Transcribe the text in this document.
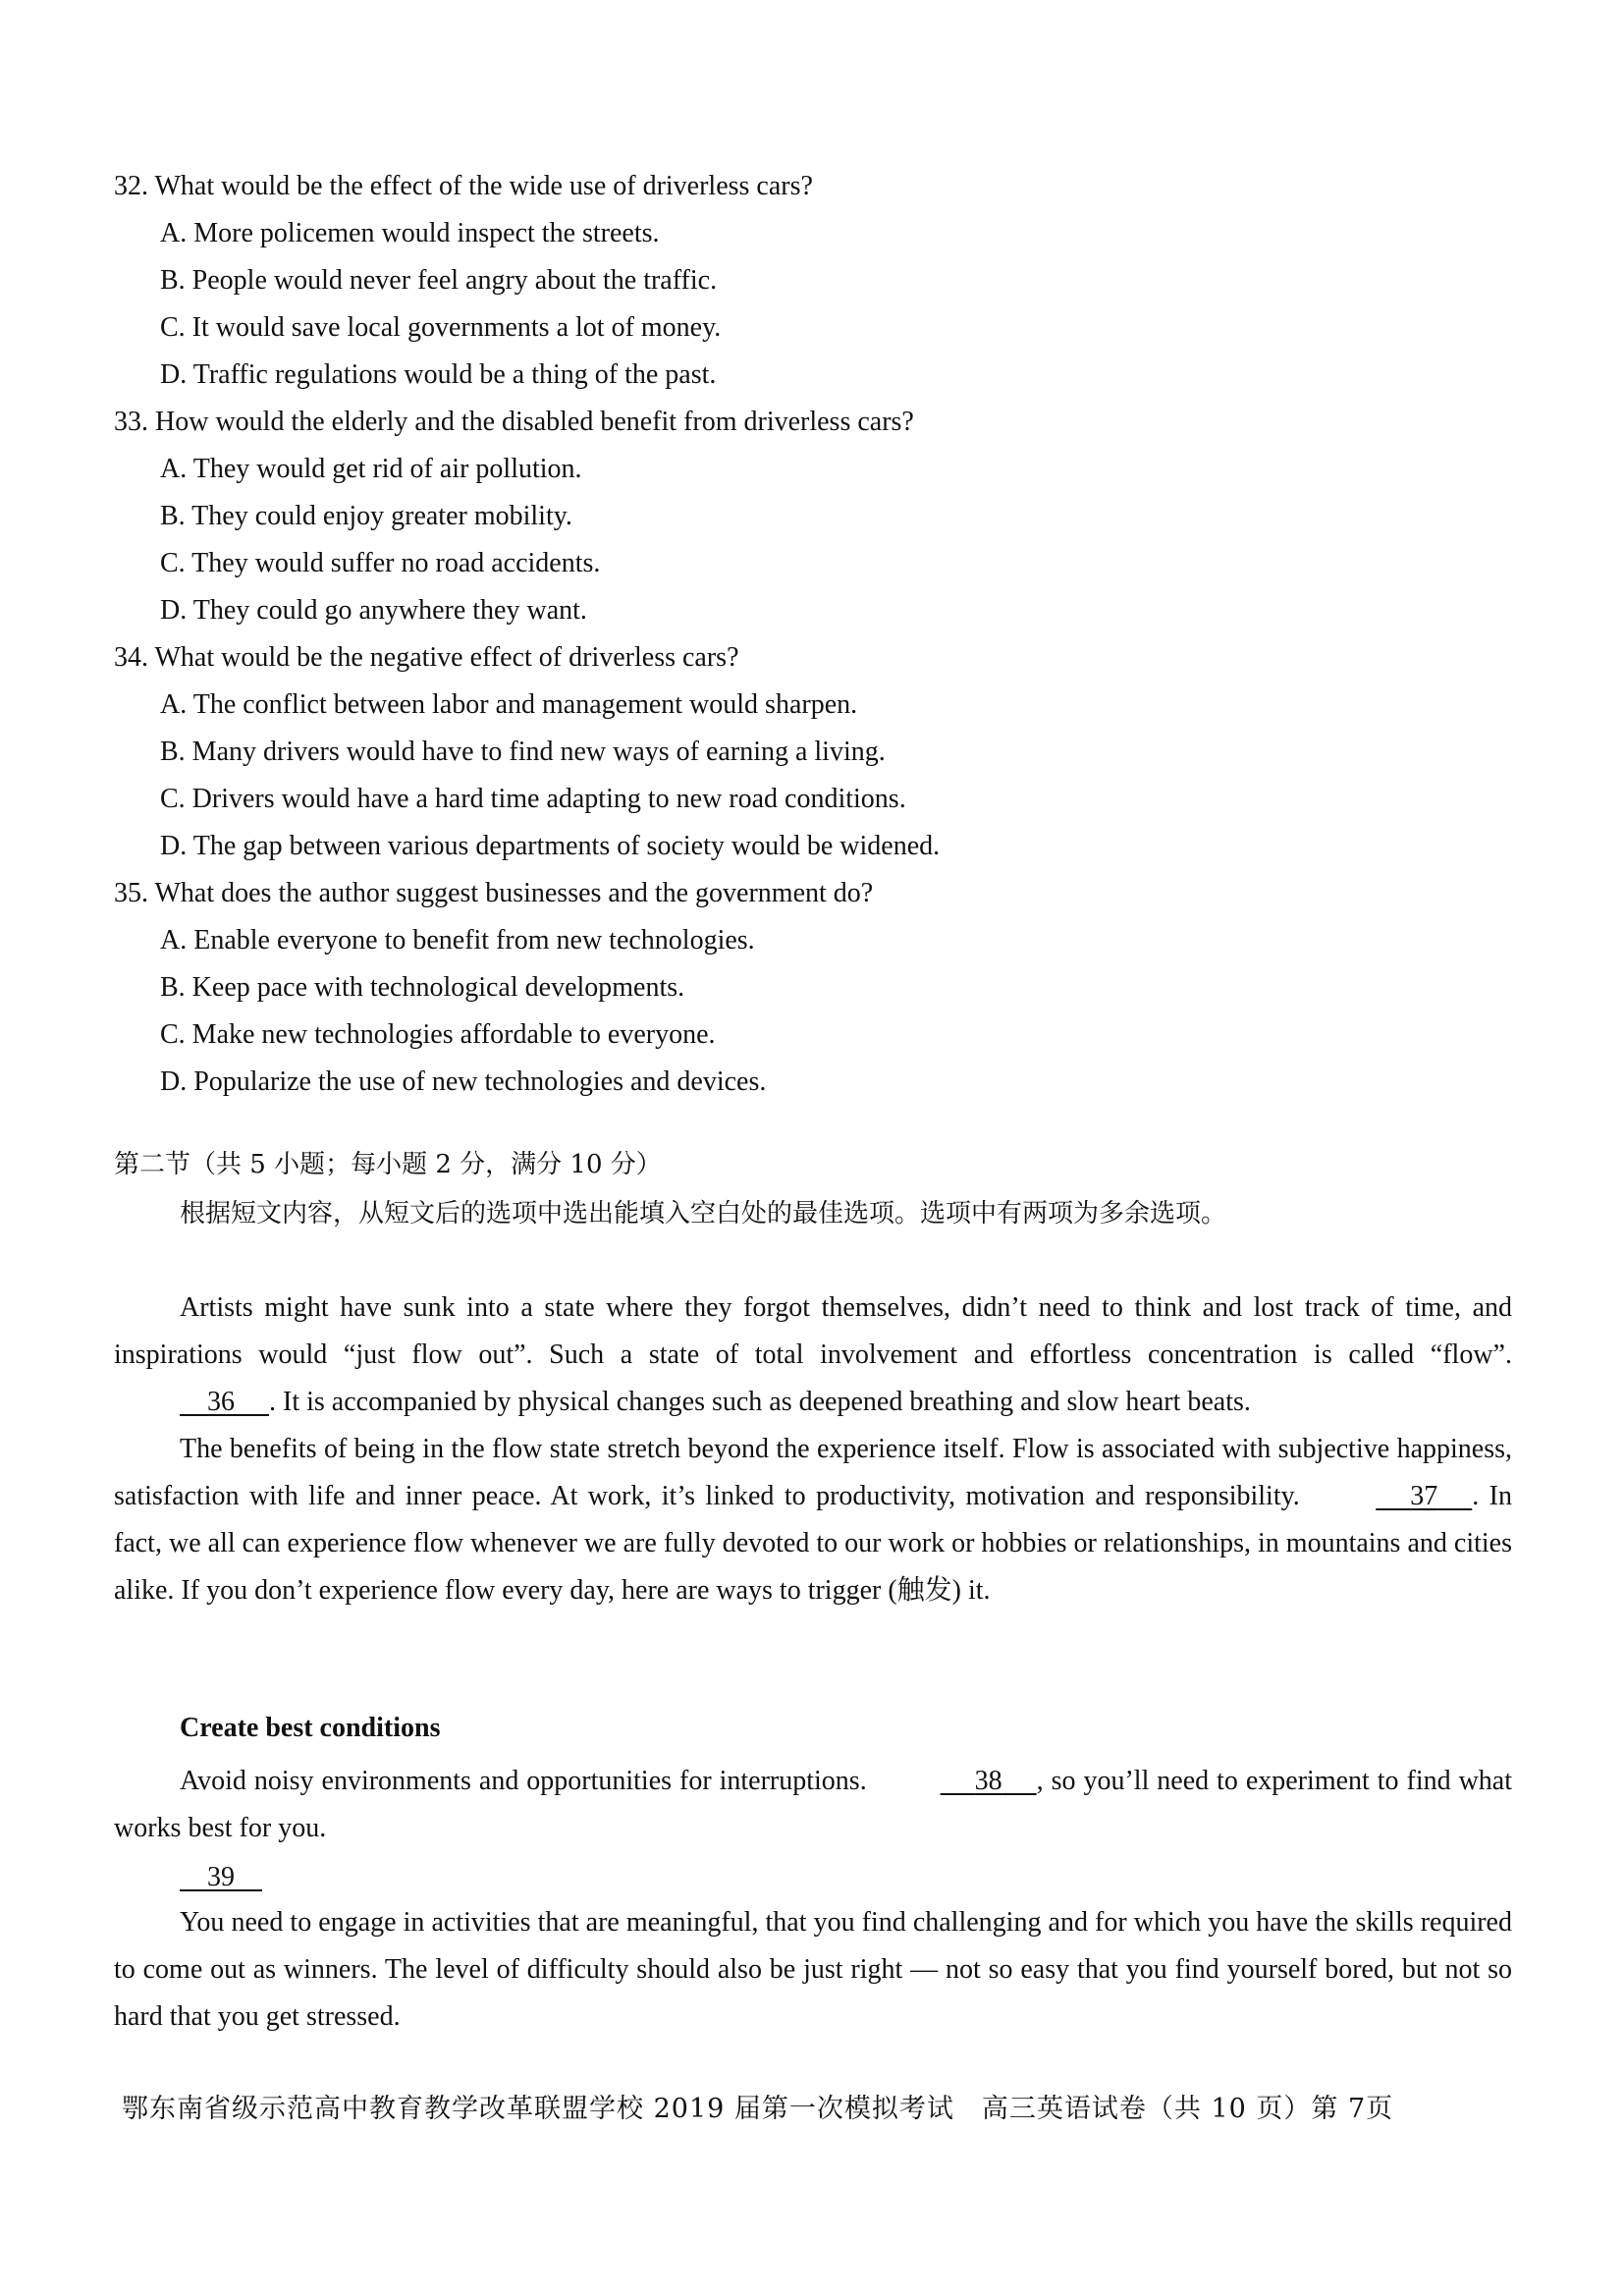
32. What would be the effect of the wide use of driverless cars?
A. More policemen would inspect the streets.
B. People would never feel angry about the traffic.
C. It would save local governments a lot of money.
D. Traffic regulations would be a thing of the past.
33. How would the elderly and the disabled benefit from driverless cars?
A. They would get rid of air pollution.
B. They could enjoy greater mobility.
C. They would suffer no road accidents.
D. They could go anywhere they want.
34. What would be the negative effect of driverless cars?
A. The conflict between labor and management would sharpen.
B. Many drivers would have to find new ways of earning a living.
C. Drivers would have a hard time adapting to new road conditions.
D. The gap between various departments of society would be widened.
35. What does the author suggest businesses and the government do?
A. Enable everyone to benefit from new technologies.
B. Keep pace with technological developments.
C. Make new technologies affordable to everyone.
D. Popularize the use of new technologies and devices.
第二节（共 5 小题；每小题 2 分，满分 10 分）
根据短文内容，从短文后的选项中选出能填入空白处的最佳选项。选项中有两项为多余选项。

Artists might have sunk into a state where they forgot themselves, didn’t need to think and lost track of time, and inspirations would “just flow out”. Such a state of total involvement and effortless concentration is called “flow”.     36 . It is accompanied by physical changes such as deepened breathing and slow heart beats.

The benefits of being in the flow state stretch beyond the experience itself. Flow is associated with subjective happiness, satisfaction with life and inner peace. At work, it’s linked to productivity, motivation and responsibility.	37 . In fact, we all can experience flow whenever we are fully devoted to our work or hobbies or relationships, in mountains and cities alike. If you don’t experience flow every day, here are ways to trigger (触发) it.

Create best conditions

Avoid noisy environments and opportunities for interruptions.	38 , so you’ll need to experiment to find what works best for you.

39

You need to engage in activities that are meaningful, that you find challenging and for which you have the skills required to come out as winners. The level of difficulty should also be just right — not so easy that you find yourself bored, but not so hard that you get stressed.

鄂东南省级示范高中教育教学改革联盟学校 2019 届第一次模拟考试　高三英语试卷（共 10 页）第 7页
